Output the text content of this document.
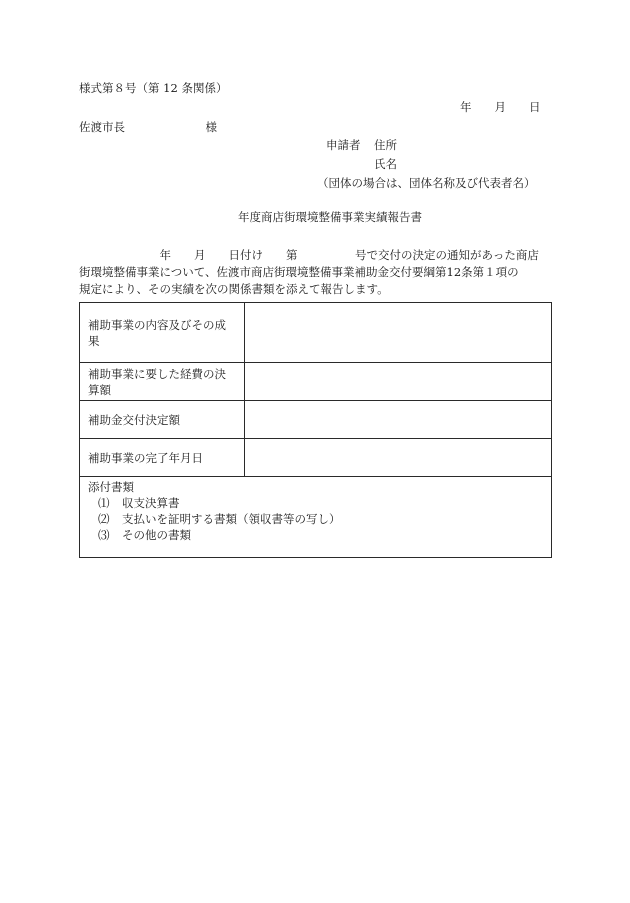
様式第８号（第 12 条関係）
年　　月　　日
佐渡市長　　　　　　　様
申請者 住所
氏名
（団体の場合は、団体名称及び代表者名）
年度商店街環境整備事業実績報告書
　　　　　　　年　　月　　日付け　　第　　　　　号で交付の決定の通知があった商店
街環境整備事業について、佐渡市商店街環境整備事業補助金交付要綱第12条第１項の
規定により、その実績を次の関係書類を添えて報告します。
補助事業の内容及びその成果	
補助事業に要した経費の決算額	
補助金交付決定額	
補助事業の完了年月日	

添付書類
⑴ 収支決算書
⑵ 支払いを証明する書類（領収書等の写し）
⑶ その他の書類	
